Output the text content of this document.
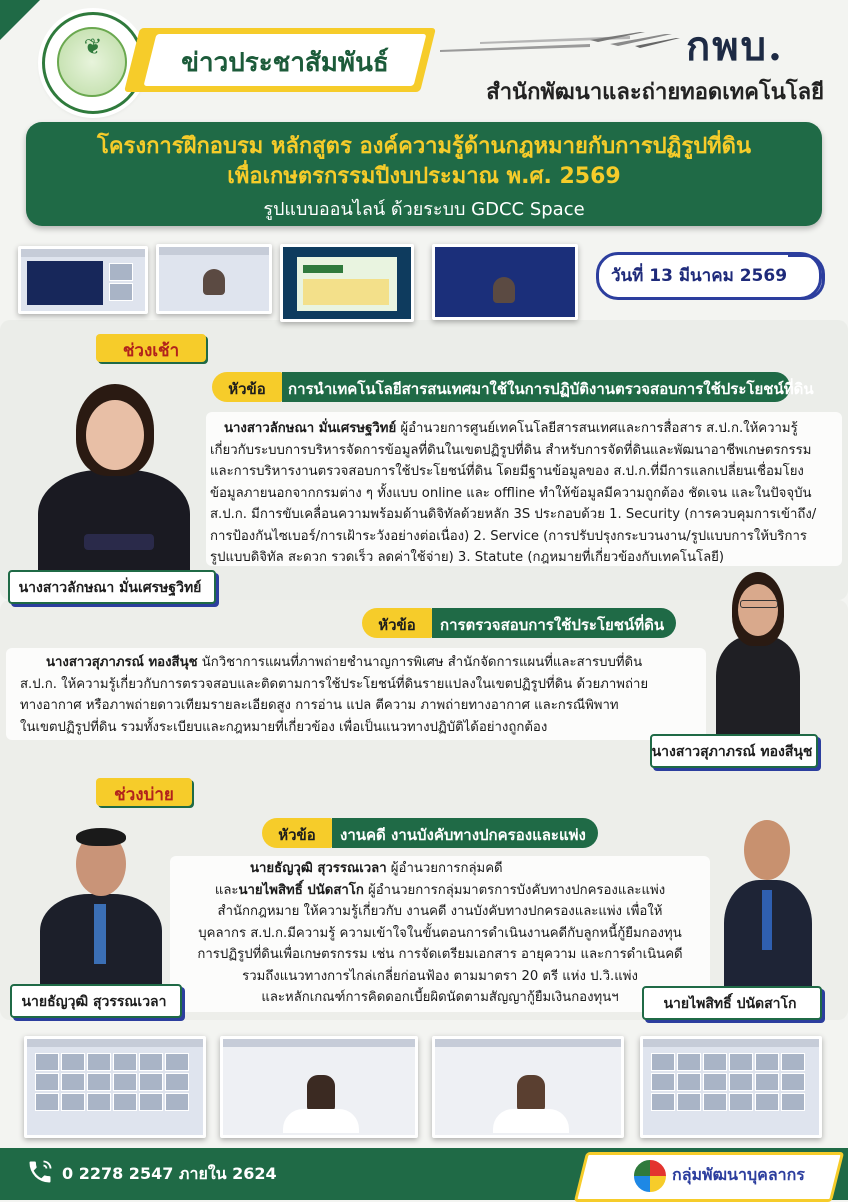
❦
ข่าวประชาสัมพันธ์	กพบ.
สำนักพัฒนาและถ่ายทอดเทคโนโลยี
โครงการฝึกอบรม หลักสูตร องค์ความรู้ด้านกฎหมายกับการปฏิรูปที่ดิน
เพื่อเกษตรกรรมปีงบประมาณ พ.ศ. 2569
รูปแบบออนไลน์ ด้วยระบบ GDCC Space
วันที่ 13 มีนาคม 2569
ช่วงเช้า
นางสาวลักษณา มั่นเศรษฐวิทย์
หัวข้อ	การนำเทคโนโลยีสารสนเทศมาใช้ในการปฏิบัติงานตรวจสอบการใช้ประโยชน์ที่ดิน
นางสาวลักษณา มั่นเศรษฐวิทย์ ผู้อำนวยการศูนย์เทคโนโลยีสารสนเทศและการสื่อสาร ส.ป.ก.ให้ความรู้
เกี่ยวกับระบบการบริหารจัดการข้อมูลที่ดินในเขตปฏิรูปที่ดิน สำหรับการจัดที่ดินและพัฒนาอาชีพเกษตรกรรม
และการบริหารงานตรวจสอบการใช้ประโยชน์ที่ดิน โดยมีฐานข้อมูลของ ส.ป.ก.ที่มีการแลกเปลี่ยนเชื่อมโยง
ข้อมูลภายนอกจากกรมต่าง ๆ ทั้งแบบ online และ offline ทำให้ข้อมูลมีความถูกต้อง ชัดเจน และในปัจจุบัน
ส.ป.ก. มีการขับเคลื่อนความพร้อมด้านดิจิทัลด้วยหลัก 3S ประกอบด้วย 1. Security (การควบคุมการเข้าถึง/
การป้องกันไซเบอร์/การเฝ้าระวังอย่างต่อเนื่อง) 2. Service (การปรับปรุงกระบวนงาน/รูปแบบการให้บริการ
รูปแบบดิจิทัล สะดวก รวดเร็ว ลดค่าใช้จ่าย) 3. Statute (กฎหมายที่เกี่ยวข้องกับเทคโนโลยี)
หัวข้อ	การตรวจสอบการใช้ประโยชน์ที่ดิน
นางสาวสุภาภรณ์ ทองสีนุช นักวิชาการแผนที่ภาพถ่ายชำนาญการพิเศษ สำนักจัดการแผนที่และสารบบที่ดิน
ส.ป.ก. ให้ความรู้เกี่ยวกับการตรวจสอบและติดตามการใช้ประโยชน์ที่ดินรายแปลงในเขตปฏิรูปที่ดิน ด้วยภาพถ่าย
ทางอากาศ หรือภาพถ่ายดาวเทียมรายละเอียดสูง การอ่าน แปล ตีความ ภาพถ่ายทางอากาศ และกรณีพิพาท
ในเขตปฏิรูปที่ดิน รวมทั้งระเบียบและกฎหมายที่เกี่ยวข้อง เพื่อเป็นแนวทางปฏิบัติได้อย่างถูกต้อง
นางสาวสุภาภรณ์ ทองสีนุช
ช่วงบ่าย
หัวข้อ	งานคดี งานบังคับทางปกครองและแพ่ง
นายธัญวุฒิ สุวรรณเวลา ผู้อำนวยการกลุ่มคดี
และนายไพสิทธิ์ ปนัดสาโก ผู้อำนวยการกลุ่มมาตรการบังคับทางปกครองและแพ่ง
สำนักกฎหมาย ให้ความรู้เกี่ยวกับ งานคดี งานบังคับทางปกครองและแพ่ง เพื่อให้
บุคลากร ส.ป.ก.มีความรู้ ความเข้าใจในขั้นตอนการดำเนินงานคดีกับลูกหนี้กู้ยืมกองทุน
การปฏิรูปที่ดินเพื่อเกษตรกรรม เช่น การจัดเตรียมเอกสาร อายุความ และการดำเนินคดี
รวมถึงแนวทางการไกล่เกลี่ยก่อนฟ้อง ตามมาตรา 20 ตรี แห่ง ป.วิ.แพ่ง
และหลักเกณฑ์การคิดดอกเบี้ยผิดนัดตามสัญญากู้ยืมเงินกองทุนฯ
นายธัญวุฒิ สุวรรณเวลา	นายไพสิทธิ์ ปนัดสาโก
0 2278 2547 ภายใน 2624	กลุ่มพัฒนาบุคลากร
